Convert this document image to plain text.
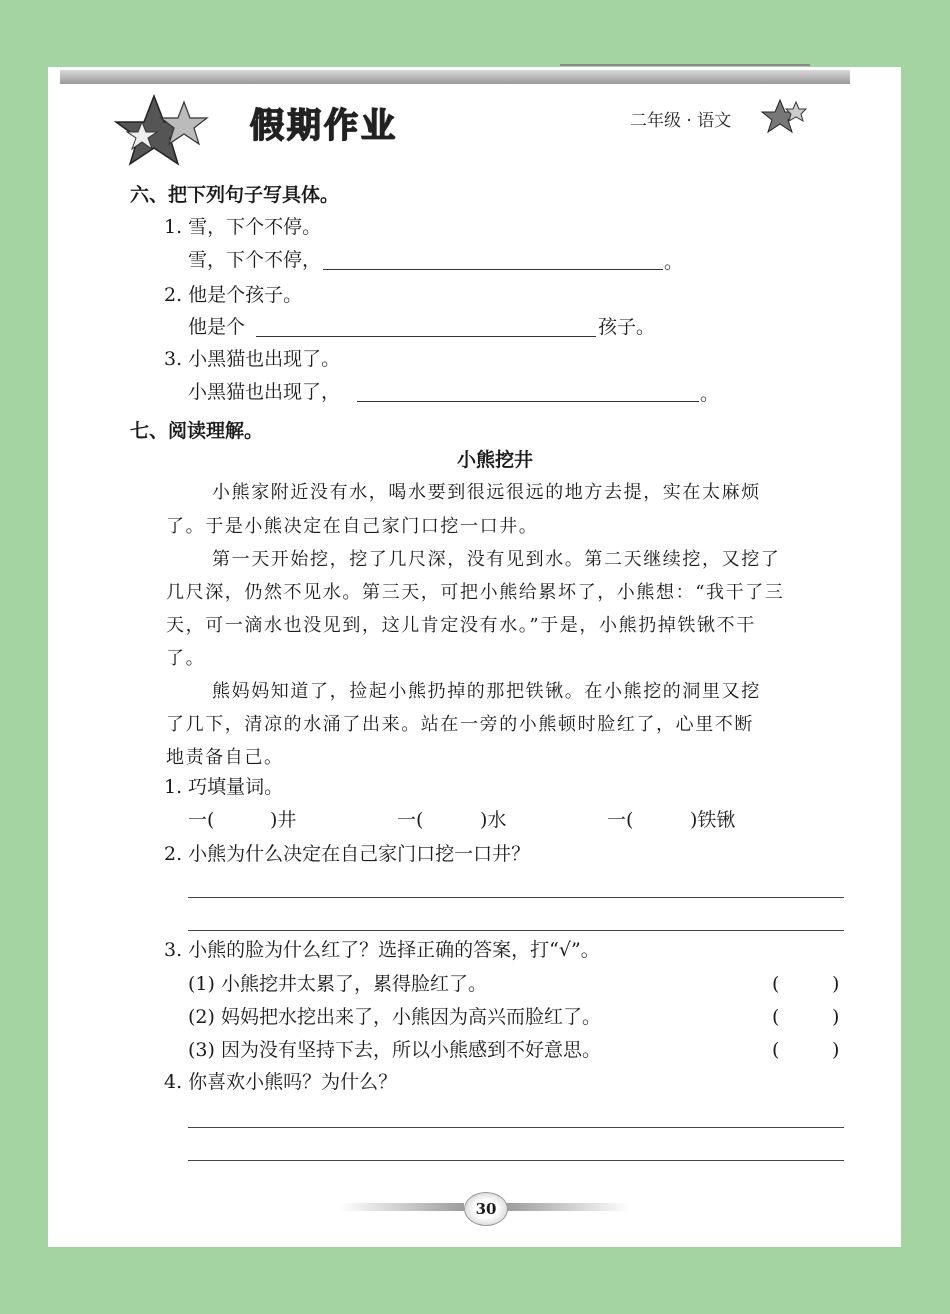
假期作业	二年级 · 语文
六、把下列句子写具体。
1. 雪，下个不停。
雪，下个不停，	。
2. 他是个孩子。
他是个	孩子。
3. 小黑猫也出现了。
小黑猫也出现了，	。
七、阅读理解。
小熊挖井
小熊家附近没有水，喝水要到很远很远的地方去提，实在太麻烦
了。于是小熊决定在自己家门口挖一口井。
第一天开始挖，挖了几尺深，没有见到水。第二天继续挖，又挖了
几尺深，仍然不见水。第三天，可把小熊给累坏了，小熊想：“我干了三
天，可一滴水也没见到，这儿肯定没有水。”于是，小熊扔掉铁锹不干
了。
熊妈妈知道了，捡起小熊扔掉的那把铁锹。在小熊挖的洞里又挖
了几下，清凉的水涌了出来。站在一旁的小熊顿时脸红了，心里不断
地责备自己。
1. 巧填量词。
一(	)井	一(	)水	一(	)铁锹
2. 小熊为什么决定在自己家门口挖一口井？
3. 小熊的脸为什么红了？选择正确的答案，打“√”。
(1) 小熊挖井太累了，累得脸红了。	(	)
(2) 妈妈把水挖出来了，小熊因为高兴而脸红了。	(	)
(3) 因为没有坚持下去，所以小熊感到不好意思。	(	)
4. 你喜欢小熊吗？为什么？
30
